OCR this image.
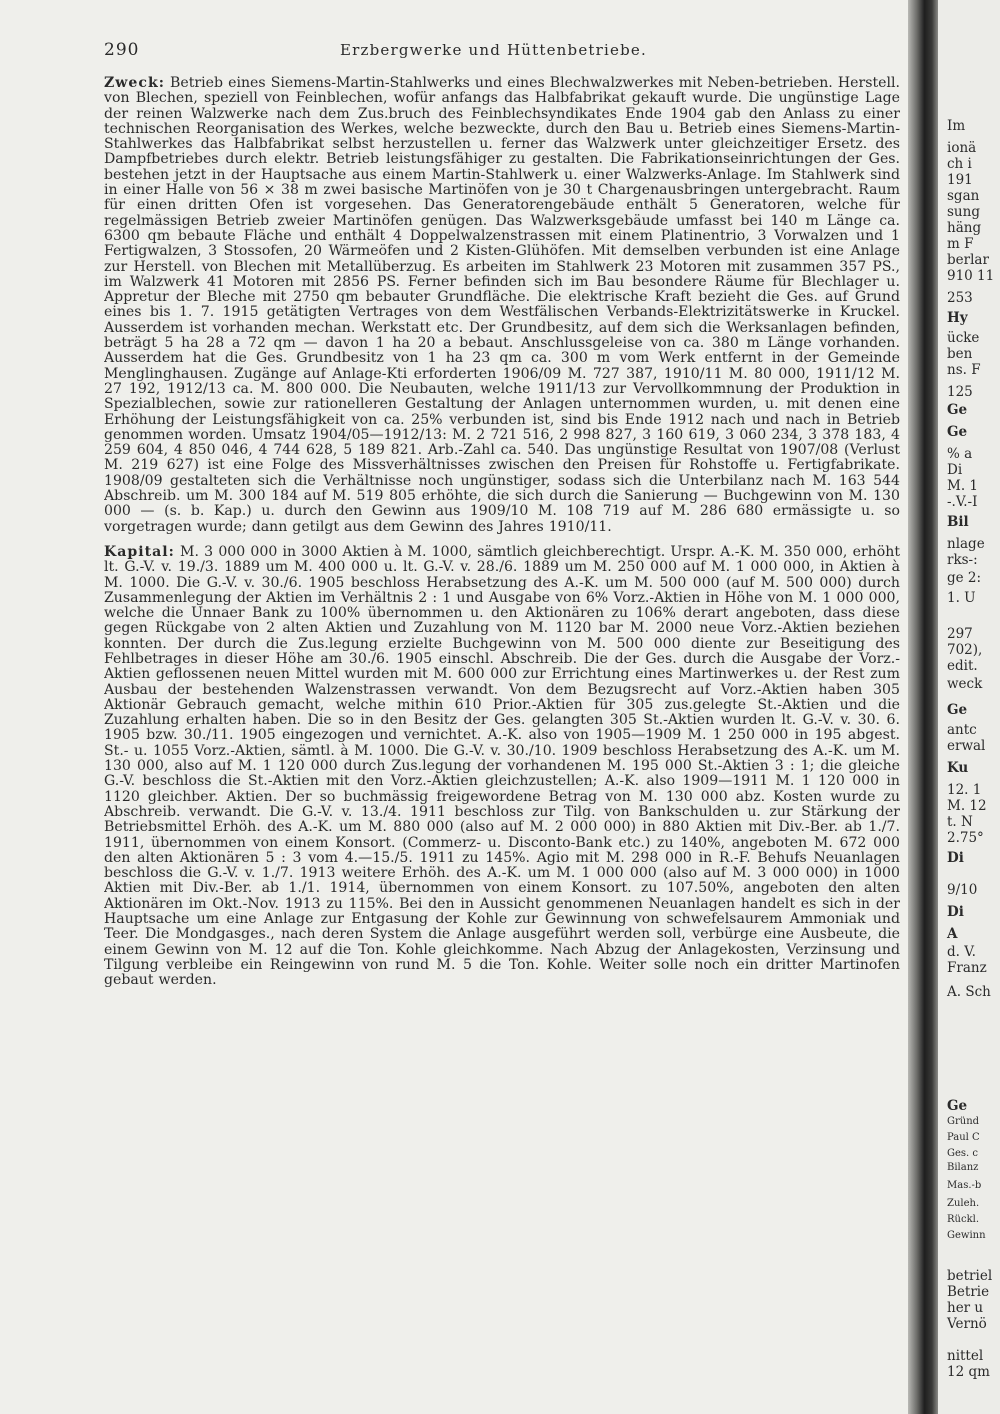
290	Erzbergwerke und Hüttenbetriebe.

Zweck: Betrieb eines Siemens-Martin-Stahlwerks und eines Blechwalzwerkes mit Neben-betrieben. Herstell. von Blechen, speziell von Feinblechen, wofür anfangs das Halbfabrikat gekauft wurde. Die ungünstige Lage der reinen Walzwerke nach dem Zus.bruch des Feinblechsyndikates Ende 1904 gab den Anlass zu einer technischen Reorganisation des Werkes, welche bezweckte, durch den Bau u. Betrieb eines Siemens-Martin-Stahlwerkes das Halbfabrikat selbst herzustellen u. ferner das Walzwerk unter gleichzeitiger Ersetz. des Dampfbetriebes durch elektr. Betrieb leistungsfähiger zu gestalten. Die Fabrikationseinrichtungen der Ges. bestehen jetzt in der Hauptsache aus einem Martin-Stahlwerk u. einer Walzwerks-Anlage. Im Stahlwerk sind in einer Halle von 56 × 38 m zwei basische Martinöfen von je 30 t Chargenausbringen untergebracht. Raum für einen dritten Ofen ist vorgesehen. Das Generatorengebäude enthält 5 Generatoren, welche für regelmässigen Betrieb zweier Martinöfen genügen. Das Walzwerksgebäude umfasst bei 140 m Länge ca. 6300 qm bebaute Fläche und enthält 4 Doppelwalzenstrassen mit einem Platinentrio, 3 Vorwalzen und 1 Fertigwalzen, 3 Stossofen, 20 Wärmeöfen und 2 Kisten-Glühöfen. Mit demselben verbunden ist eine Anlage zur Herstell. von Blechen mit Metallüberzug. Es arbeiten im Stahlwerk 23 Motoren mit zusammen 357 PS., im Walzwerk 41 Motoren mit 2856 PS. Ferner befinden sich im Bau besondere Räume für Blechlager u. Appretur der Bleche mit 2750 qm bebauter Grundfläche. Die elektrische Kraft bezieht die Ges. auf Grund eines bis 1. 7. 1915 getätigten Vertrages von dem Westfälischen Verbands-Elektrizitätswerke in Kruckel. Ausserdem ist vorhanden mechan. Werkstatt etc. Der Grundbesitz, auf dem sich die Werksanlagen befinden, beträgt 5 ha 28 a 72 qm — davon 1 ha 20 a bebaut. Anschlussgeleise von ca. 380 m Länge vorhanden. Ausserdem hat die Ges. Grundbesitz von 1 ha 23 qm ca. 300 m vom Werk entfernt in der Gemeinde Menglinghausen. Zugänge auf Anlage-Kti erforderten 1906/09 M. 727 387, 1910/11 M. 80 000, 1911/12 M. 27 192, 1912/13 ca. M. 800 000. Die Neubauten, welche 1911/13 zur Vervollkommnung der Produktion in Spezialblechen, sowie zur rationelleren Gestaltung der Anlagen unternommen wurden, u. mit denen eine Erhöhung der Leistungsfähigkeit von ca. 25% verbunden ist, sind bis Ende 1912 nach und nach in Betrieb genommen worden. Umsatz 1904/05—1912/13: M. 2 721 516, 2 998 827, 3 160 619, 3 060 234, 3 378 183, 4 259 604, 4 850 046, 4 744 628, 5 189 821. Arb.-Zahl ca. 540. Das ungünstige Resultat von 1907/08 (Verlust M. 219 627) ist eine Folge des Missverhältnisses zwischen den Preisen für Rohstoffe u. Fertigfabrikate. 1908/09 gestalteten sich die Verhältnisse noch ungünstiger, sodass sich die Unterbilanz nach M. 163 544 Abschreib. um M. 300 184 auf M. 519 805 erhöhte, die sich durch die Sanierung — Buchgewinn von M. 130 000 — (s. b. Kap.) u. durch den Gewinn aus 1909/10 M. 108 719 auf M. 286 680 ermässigte u. so vorgetragen wurde; dann getilgt aus dem Gewinn des Jahres 1910/11.

Kapital: M. 3 000 000 in 3000 Aktien à M. 1000, sämtlich gleichberechtigt. Urspr. A.-K. M. 350 000, erhöht lt. G.-V. v. 19./3. 1889 um M. 400 000 u. lt. G.-V. v. 28./6. 1889 um M. 250 000 auf M. 1 000 000, in Aktien à M. 1000. Die G.-V. v. 30./6. 1905 beschloss Herabsetzung des A.-K. um M. 500 000 (auf M. 500 000) durch Zusammenlegung der Aktien im Verhältnis 2 : 1 und Ausgabe von 6% Vorz.-Aktien in Höhe von M. 1 000 000, welche die Unnaer Bank zu 100% übernommen u. den Aktionären zu 106% derart angeboten, dass diese gegen Rückgabe von 2 alten Aktien und Zuzahlung von M. 1120 bar M. 2000 neue Vorz.-Aktien beziehen konnten. Der durch die Zus.legung erzielte Buchgewinn von M. 500 000 diente zur Beseitigung des Fehlbetrages in dieser Höhe am 30./6. 1905 einschl. Abschreib. Die der Ges. durch die Ausgabe der Vorz.-Aktien geflossenen neuen Mittel wurden mit M. 600 000 zur Errichtung eines Martinwerkes u. der Rest zum Ausbau der bestehenden Walzenstrassen verwandt. Von dem Bezugsrecht auf Vorz.-Aktien haben 305 Aktionär Gebrauch gemacht, welche mithin 610 Prior.-Aktien für 305 zus.gelegte St.-Aktien und die Zuzahlung erhalten haben. Die so in den Besitz der Ges. gelangten 305 St.-Aktien wurden lt. G.-V. v. 30. 6. 1905 bzw. 30./11. 1905 eingezogen und vernichtet. A.-K. also von 1905—1909 M. 1 250 000 in 195 abgest. St.- u. 1055 Vorz.-Aktien, sämtl. à M. 1000. Die G.-V. v. 30./10. 1909 beschloss Herabsetzung des A.-K. um M. 130 000, also auf M. 1 120 000 durch Zus.legung der vorhandenen M. 195 000 St.-Aktien 3 : 1; die gleiche G.-V. beschloss die St.-Aktien mit den Vorz.-Aktien gleichzustellen; A.-K. also 1909—1911 M. 1 120 000 in 1120 gleichber. Aktien. Der so buchmässig freigewordene Betrag von M. 130 000 abz. Kosten wurde zu Abschreib. verwandt. Die G.-V. v. 13./4. 1911 beschloss zur Tilg. von Bankschulden u. zur Stärkung der Betriebsmittel Erhöh. des A.-K. um M. 880 000 (also auf M. 2 000 000) in 880 Aktien mit Div.-Ber. ab 1./7. 1911, übernommen von einem Konsort. (Commerz- u. Disconto-Bank etc.) zu 140%, angeboten M. 672 000 den alten Aktionären 5 : 3 vom 4.—15./5. 1911 zu 145%. Agio mit M. 298 000 in R.-F. Behufs Neuanlagen beschloss die G.-V. v. 1./7. 1913 weitere Erhöh. des A.-K. um M. 1 000 000 (also auf M. 3 000 000) in 1000 Aktien mit Div.-Ber. ab 1./1. 1914, übernommen von einem Konsort. zu 107.50%, angeboten den alten Aktionären im Okt.-Nov. 1913 zu 115%. Bei den in Aussicht genommenen Neuanlagen handelt es sich in der Hauptsache um eine Anlage zur Entgasung der Kohle zur Gewinnung von schwefelsaurem Ammoniak und Teer. Die Mondgasges., nach deren System die Anlage ausgeführt werden soll, verbürge eine Ausbeute, die einem Gewinn von M. 12 auf die Ton. Kohle gleichkomme. Nach Abzug der Anlagekosten, Verzinsung und Tilgung verbleibe ein Reingewinn von rund M. 5 die Ton. Kohle. Weiter solle noch ein dritter Martinofen gebaut werden.

Im
ionä
ch i
191
sgan
sung
häng
m F
berlar
910 11
253
Hy
ücke
ben
ns. F
125
Ge
Ge
% a
Di
M. 1
-.V.-I
Bil
nlage
rks-:
ge 2:
1. U
297
702),
edit.
weck
Ge
antc
erwal
Ku
12. 1
M. 12
t. N
2.75°
Di
9/10
Di
A
d. V.
Franz
A. Sch
Ge
Gründ
Paul C
Ges. c
Bilanz
Mas.-b
Zuleh.
Rückl.
Gewinn
betriel
Betrie
her u
Vernö
nittel
12 qm
